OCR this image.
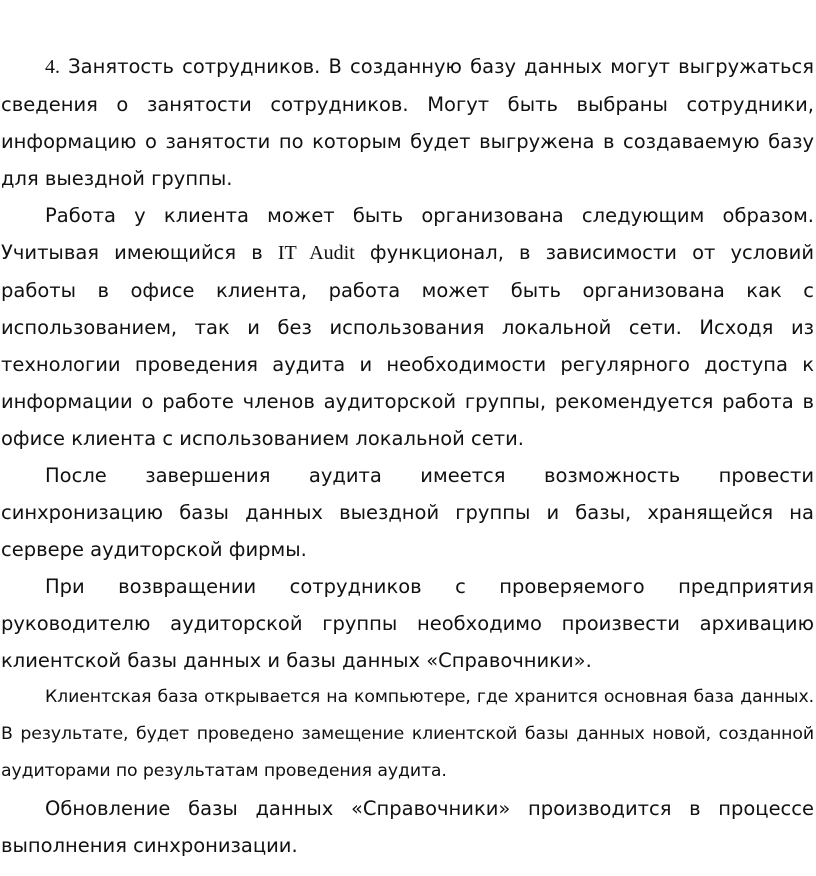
4. Занятость сотрудников. В созданную базу данных могут выгружаться сведения о занятости сотрудников. Могут быть выбраны сотрудники, информацию о занятости по которым будет выгружена в создаваемую базу для выездной группы.

Работа у клиента может быть организована следующим образом. Учитывая имеющийся в IT Audit функционал, в зависимости от условий работы в офисе клиента, работа может быть организована как с использованием, так и без использования локальной сети. Исходя из технологии проведения аудита и необходимости регулярного доступа к информации о работе членов аудиторской группы, рекомендуется работа в офисе клиента с использованием локальной сети.

После завершения аудита имеется возможность провести синхронизацию базы данных выездной группы и базы, хранящейся на сервере аудиторской фирмы.

При возвращении сотрудников с проверяемого предприятия руководителю аудиторской группы необходимо произвести архивацию клиентской базы данных и базы данных «Справочники».

Клиентская база открывается на компьютере, где хранится основная база данных. В результате, будет проведено замещение клиентской базы данных новой, созданной аудиторами по результатам проведения аудита.

Обновление базы данных «Справочники» производится в процессе выполнения синхронизации.
